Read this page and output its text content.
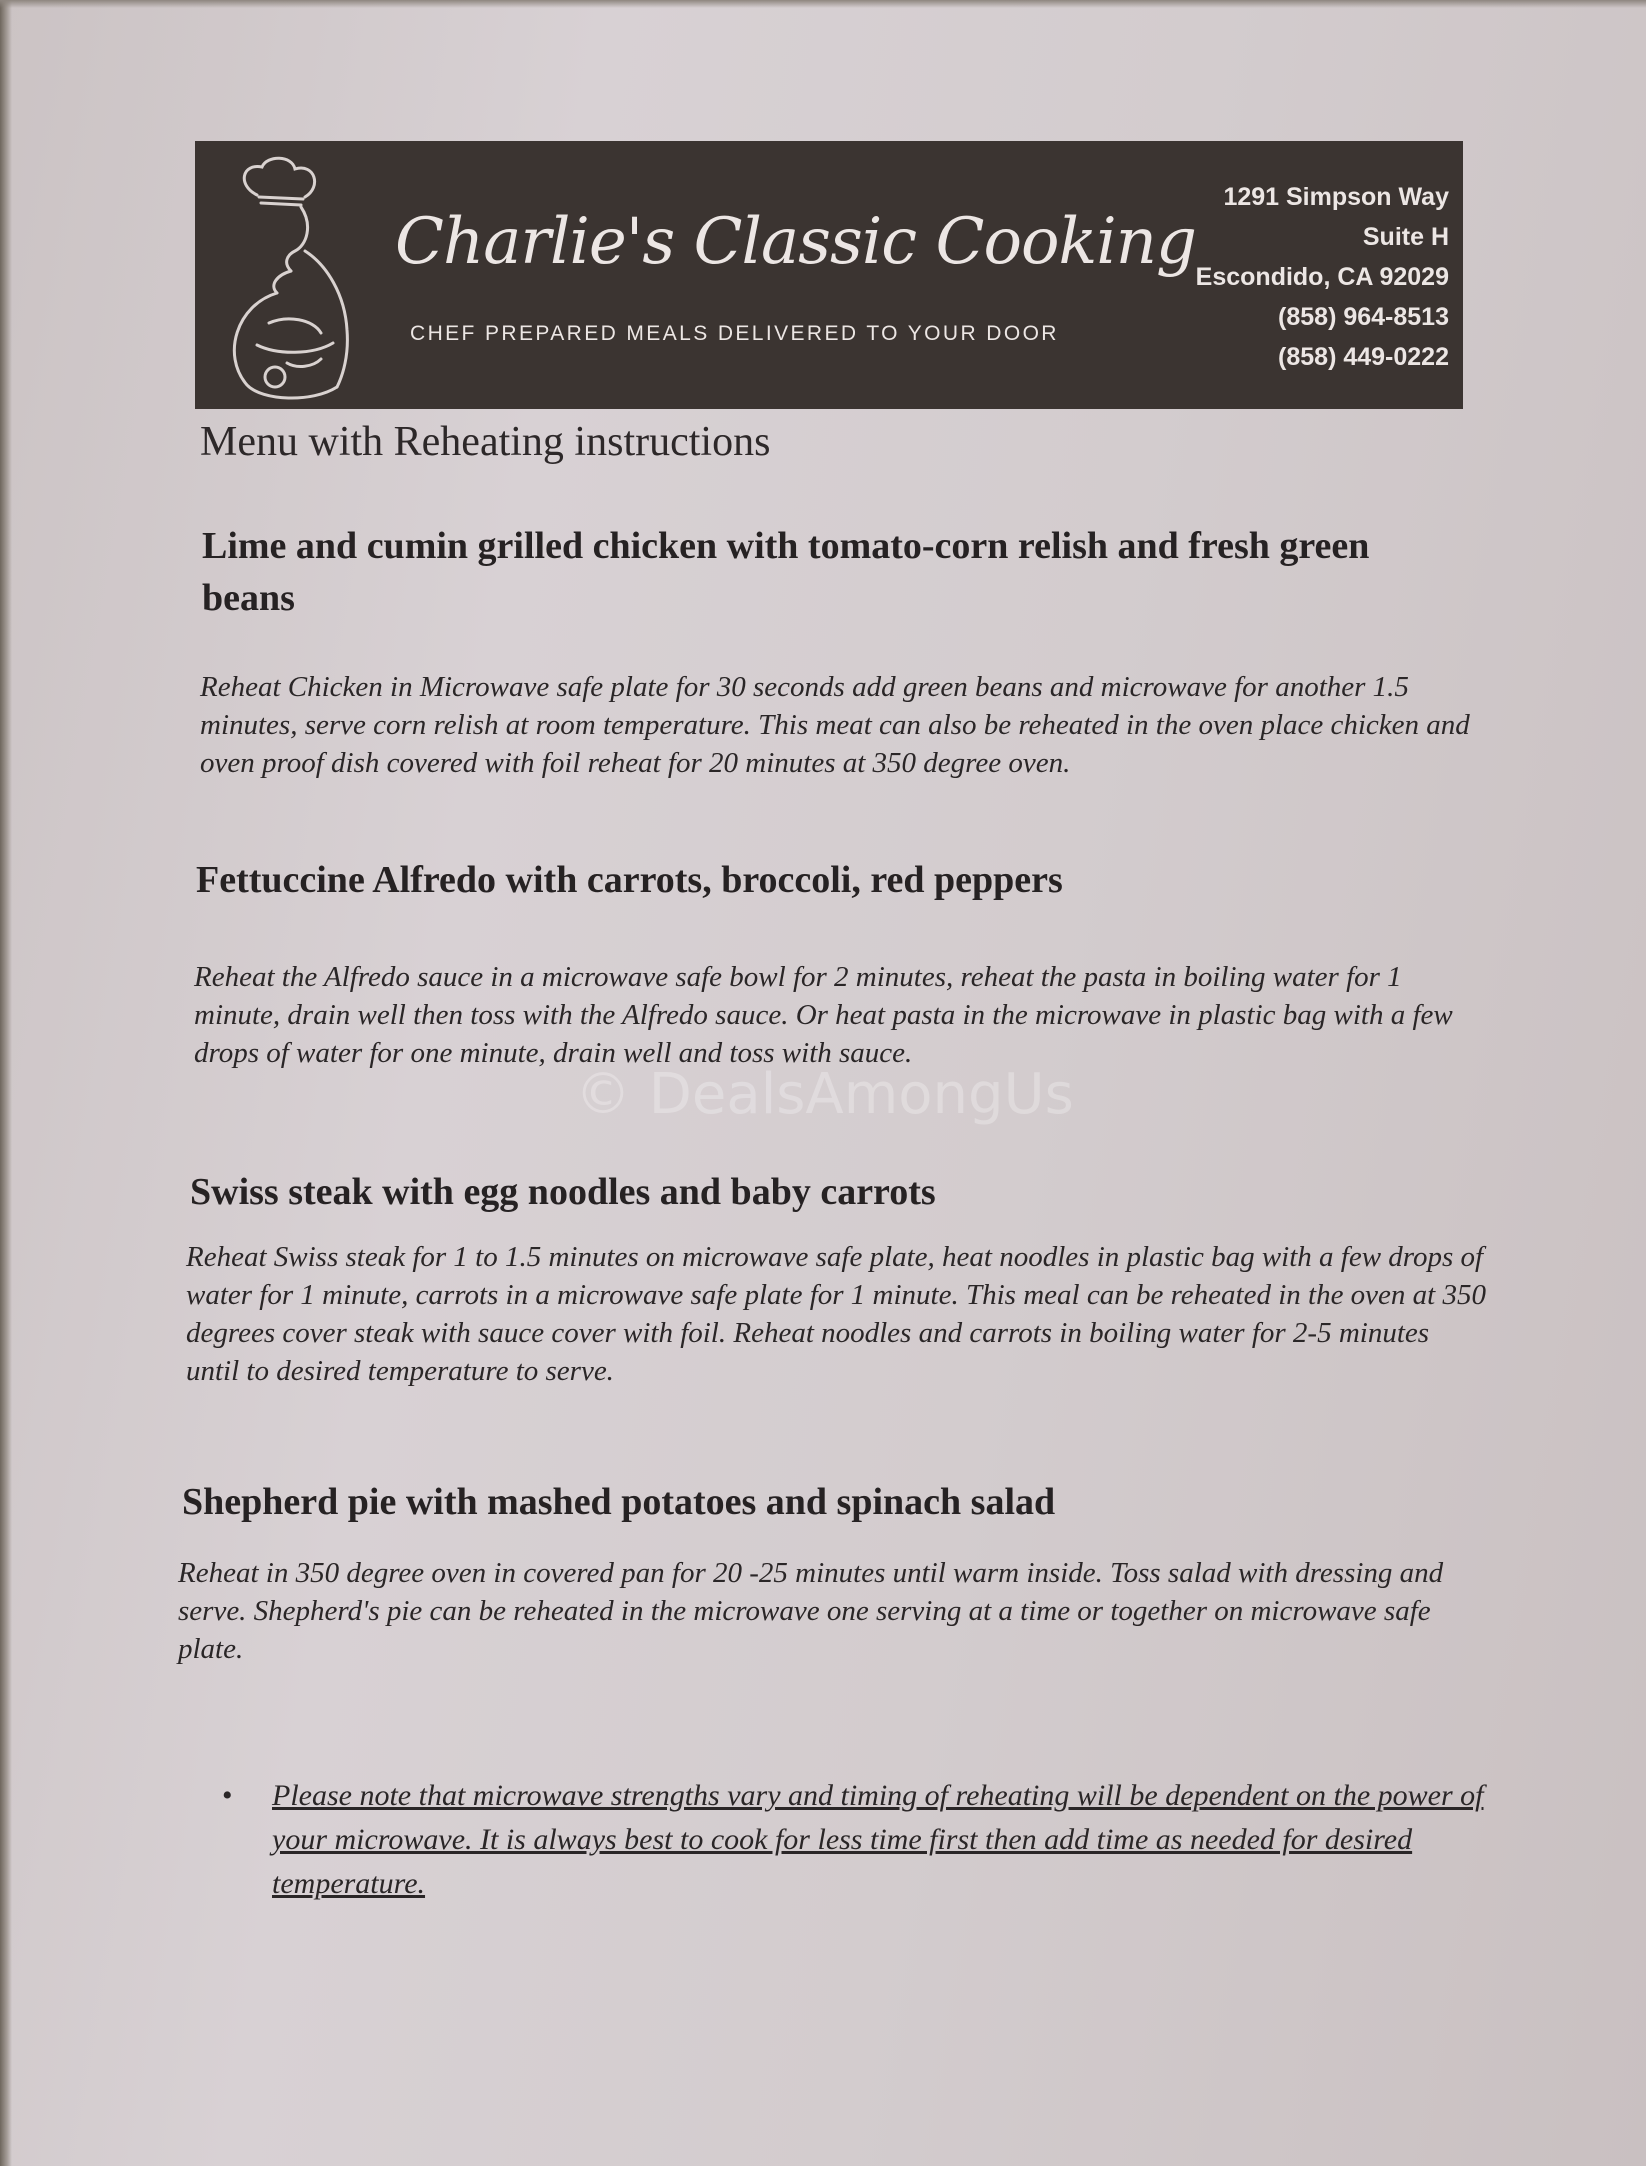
Charlie's Classic Cooking
CHEF PREPARED MEALS DELIVERED TO YOUR DOOR
1291 Simpson Way
Suite H
Escondido, CA 92029
(858) 964-8513
(858) 449-0222
Menu with Reheating instructions
Lime and cumin grilled chicken with tomato-corn relish and fresh green beans
Reheat Chicken in Microwave safe plate for 30 seconds add green beans and microwave for another 1.5 minutes, serve corn relish at room temperature. This meat can also be reheated in the oven place chicken and oven proof dish covered with foil reheat for 20 minutes at 350 degree oven.
Fettuccine Alfredo with carrots, broccoli, red peppers
Reheat the Alfredo sauce in a microwave safe bowl for 2 minutes, reheat the pasta in boiling water for 1 minute, drain well then toss with the Alfredo sauce. Or heat pasta in the microwave in plastic bag with a few drops of water for one minute, drain well and toss with sauce.
© DealsAmongUs
Swiss steak with egg noodles and baby carrots
Reheat Swiss steak for 1 to 1.5 minutes on microwave safe plate, heat noodles in plastic bag with a few drops of water for 1 minute, carrots in a microwave safe plate for 1 minute. This meal can be reheated in the oven at 350 degrees cover steak with sauce cover with foil. Reheat noodles and carrots in boiling water for 2-5 minutes until to desired temperature to serve.
Shepherd pie with mashed potatoes and spinach salad
Reheat in 350 degree oven in covered pan for 20 -25 minutes until warm inside. Toss salad with dressing and serve. Shepherd's pie can be reheated in the microwave one serving at a time or together on microwave safe plate.
• Please note that microwave strengths vary and timing of reheating will be dependent on the power of your microwave. It is always best to cook for less time first then add time as needed for desired temperature.
